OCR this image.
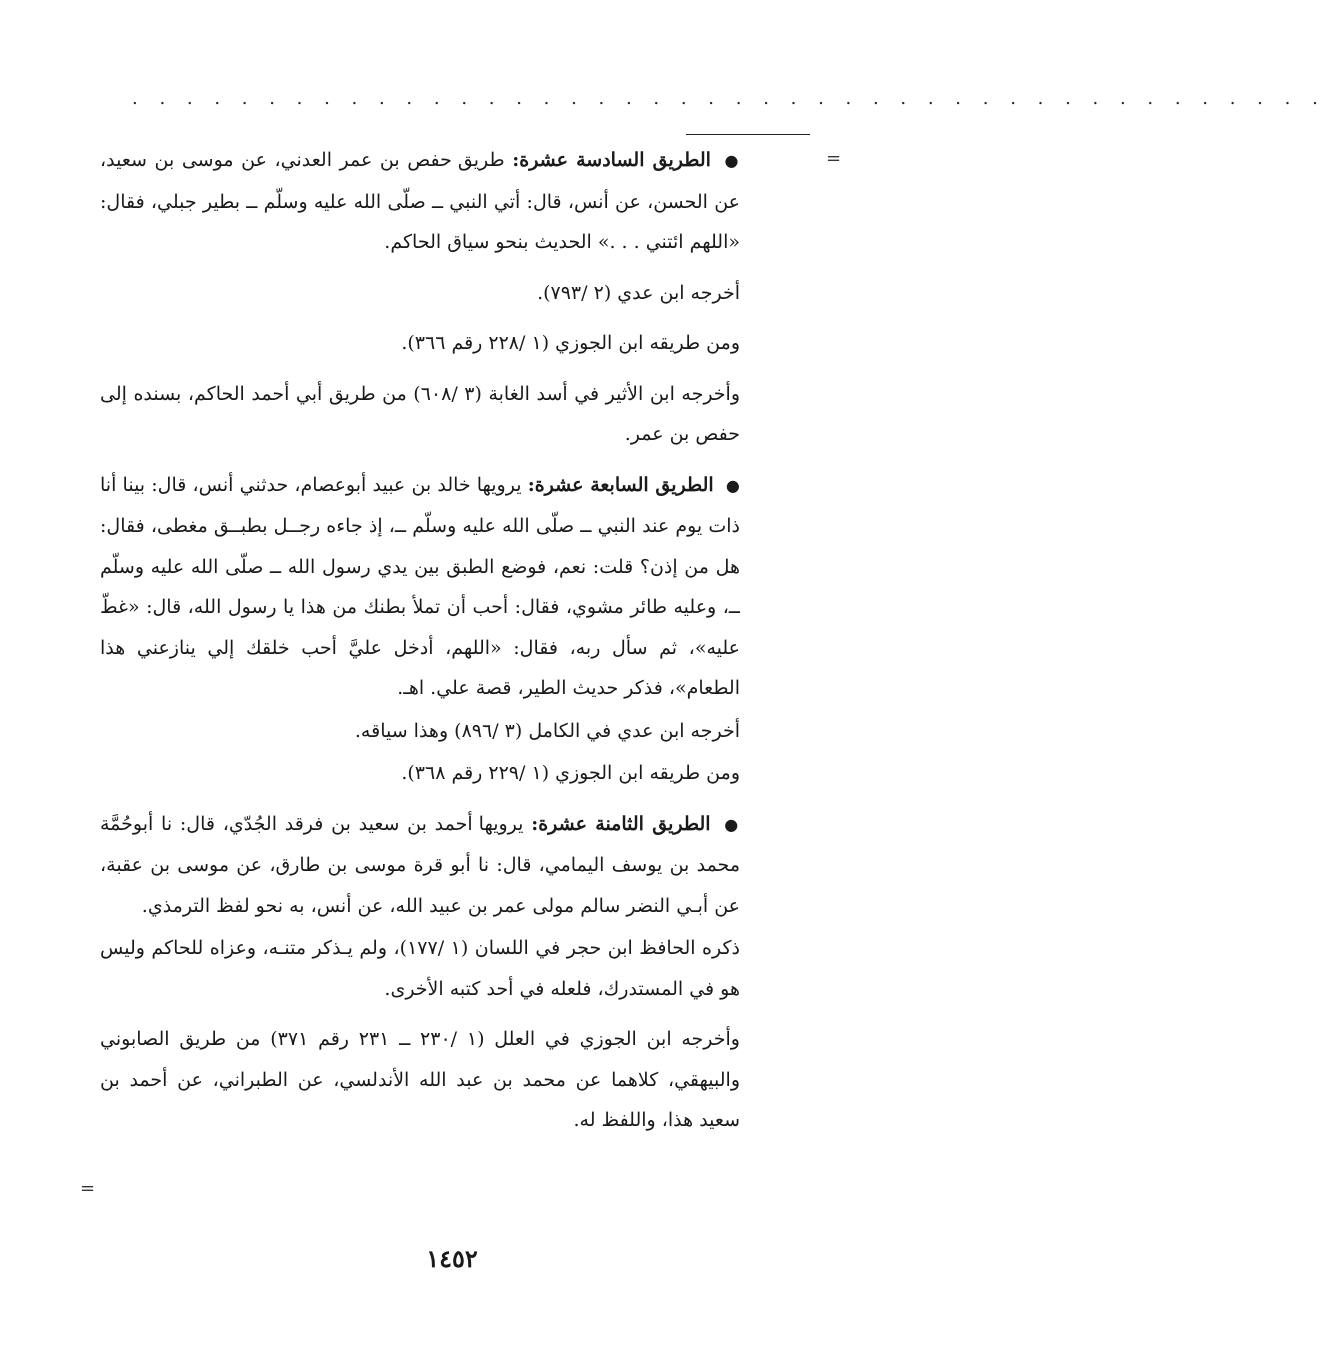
. . . . . . . . . . . . . . . . . . . . . . . . . . . . . . . . . . . . . . . . . . . .
=
=

● الطريق السادسة عشرة: طريق حفص بن عمر العدني، عن موسى بن سعيد، عن الحسن، عن أنس، قال: أتي النبي ــ صلّى الله عليه وسلّم ــ بطير جبلي، فقال: «اللهم ائتني . . .» الحديث بنحو سياق الحاكم.

أخرجه ابن عدي (٢ /٧٩٣).

ومن طريقه ابن الجوزي (١ /٢٢٨ رقم ٣٦٦).

وأخرجه ابن الأثير في أسد الغابة (٣ /٦٠٨) من طريق أبي أحمد الحاكم، بسنده إلى حفص بن عمر.

● الطريق السابعة عشرة: يرويها خالد بن عبيد أبوعصام، حدثني أنس، قال: بينا أنا ذات يوم عند النبي ــ صلّى الله عليه وسلّم ــ، إذ جاءه رجــل بطبــق مغطى، فقال: هل من إذن؟ قلت: نعم، فوضع الطبق بين يدي رسول الله ــ صلّى الله عليه وسلّم ــ، وعليه طائر مشوي، فقال: أحب أن تملأ بطنك من هذا يا رسول الله، قال: «غطّ عليه»، ثم سأل ربه، فقال: «اللهم، أدخل عليَّ أحب خلقك إلي ينازعني هذا الطعام»، فذكر حديث الطير، قصة علي. اهـ.

أخرجه ابن عدي في الكامل (٣ /٨٩٦) وهذا سياقه.

ومن طريقه ابن الجوزي (١ /٢٢٩ رقم ٣٦٨).

● الطريق الثامنة عشرة: يرويها أحمد بن سعيد بن فرقد الجُدّي، قال: نا أبوحُمَّة محمد بن يوسف اليمامي، قال: نا أبو قرة موسى بن طارق، عن موسى بن عقبة، عن أبـي النضر سالم مولى عمر بن عبيد الله، عن أنس، به نحو لفظ الترمذي.

ذكره الحافظ ابن حجر في اللسان (١ /١٧٧)، ولم يـذكر متنـه، وعزاه للحاكم وليس هو في المستدرك، فلعله في أحد كتبه الأخرى.

وأخرجه ابن الجوزي في العلل (١ /٢٣٠ ــ ٢٣١ رقم ٣٧١) من طريق الصابوني والبيهقي، كلاهما عن محمد بن عبد الله الأندلسي، عن الطبراني، عن أحمد بن سعيد هذا، واللفظ له.

١٤٥٢
